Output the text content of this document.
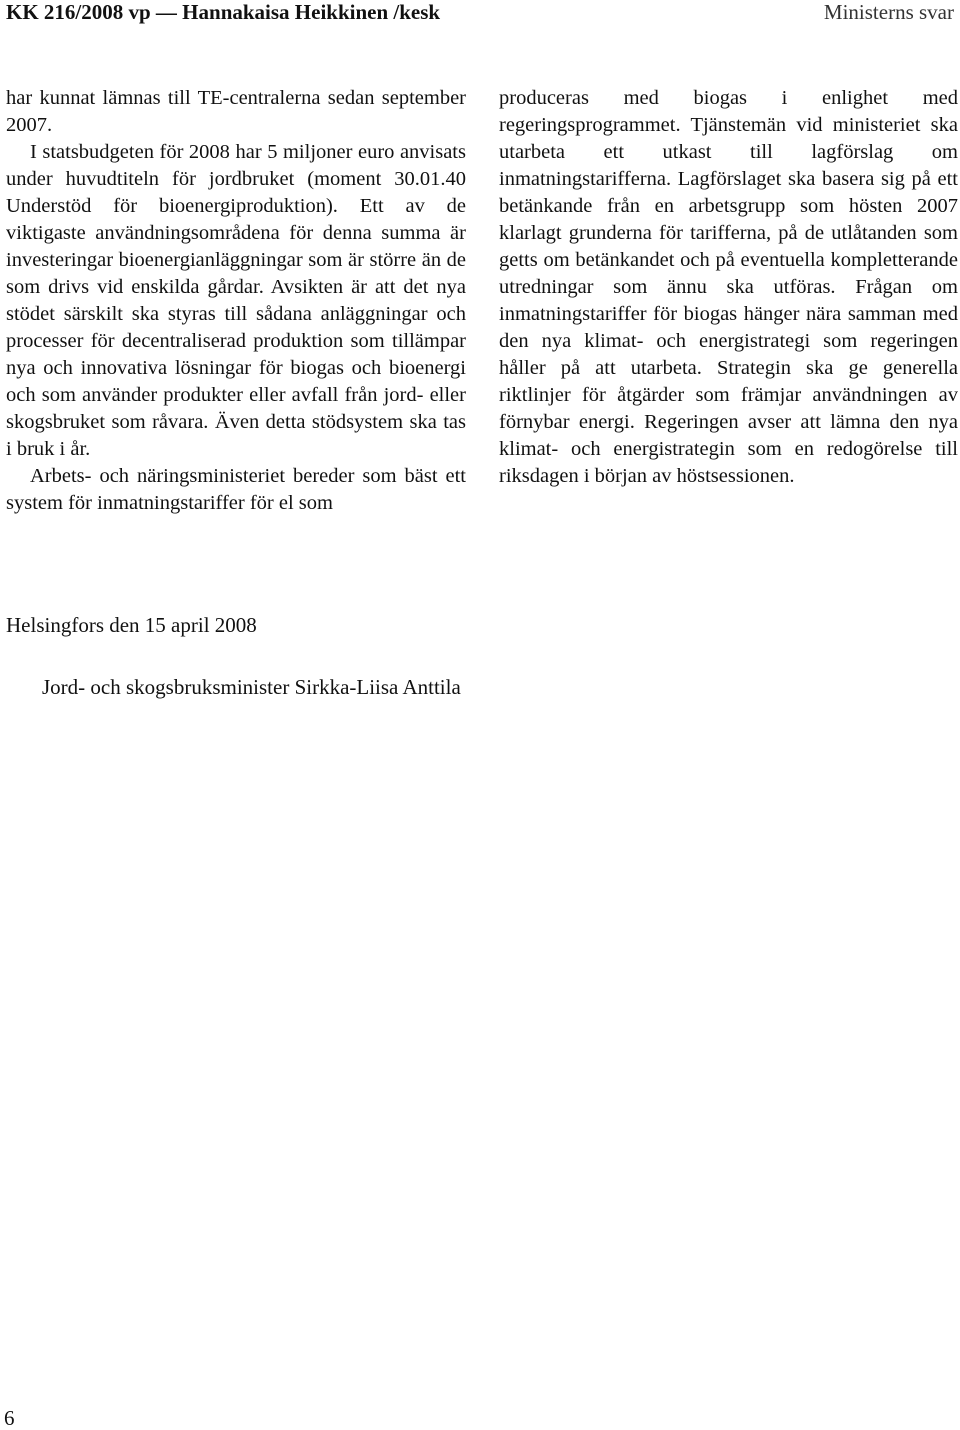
KK 216/2008 vp — Hannakaisa Heikkinen /kesk	Ministerns svar

har kunnat lämnas till TE-centralerna sedan september 2007.

I statsbudgeten för 2008 har 5 miljoner euro anvisats under huvudtiteln för jordbruket (moment 30.01.40 Understöd för bioenergiproduktion). Ett av de viktigaste användningsområdena för denna summa är investeringar bioenergianläggningar som är större än de som drivs vid enskilda gårdar. Avsikten är att det nya stödet särskilt ska styras till sådana anläggningar och processer för decentraliserad produktion som tillämpar nya och innovativa lösningar för biogas och bioenergi och som använder produkter eller avfall från jord- eller skogsbruket som råvara. Även detta stödsystem ska tas i bruk i år.

Arbets- och näringsministeriet bereder som bäst ett system för inmatningstariffer för el som

produceras med biogas i enlighet med regeringsprogrammet. Tjänstemän vid ministeriet ska utarbeta ett utkast till lagförslag om inmatningstarifferna. Lagförslaget ska basera sig på ett betänkande från en arbetsgrupp som hösten 2007 klarlagt grunderna för tarifferna, på de utlåtanden som getts om betänkandet och på eventuella kompletterande utredningar som ännu ska utföras. Frågan om inmatningstariffer för biogas hänger nära samman med den nya klimat- och energistrategi som regeringen håller på att utarbeta. Strategin ska ge generella riktlinjer för åtgärder som främjar användningen av förnybar energi. Regeringen avser att lämna den nya klimat- och energistrategin som en redogörelse till riksdagen i början av höstsessionen.

Helsingfors den 15 april 2008
Jord- och skogsbruksminister Sirkka-Liisa Anttila
6
